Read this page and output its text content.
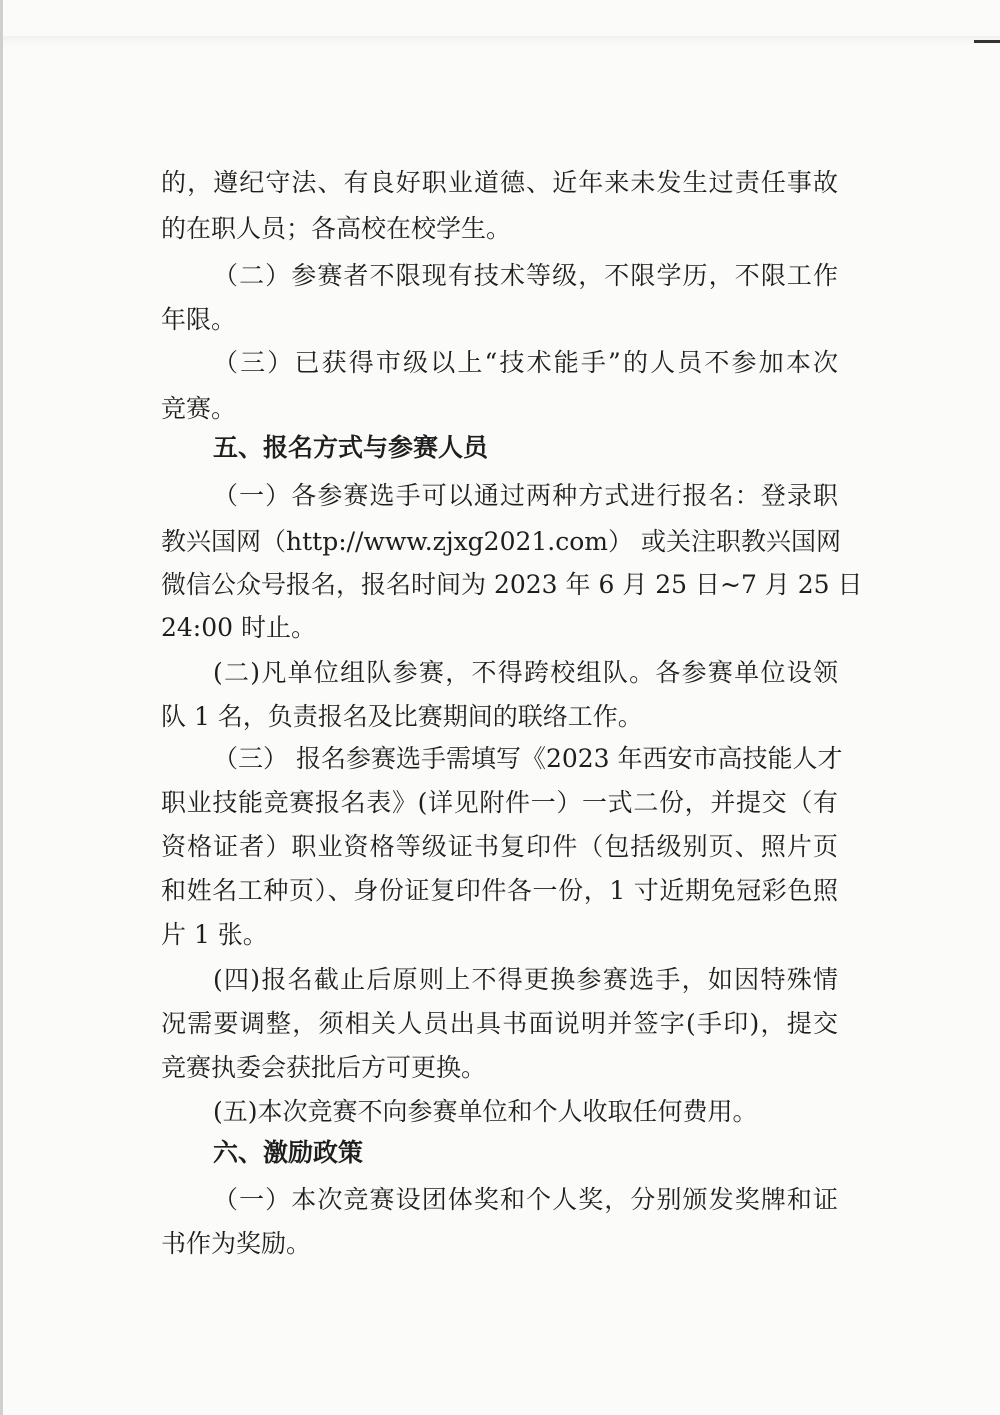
的，遵纪守法、有良好职业道德、近年来未发生过责任事故
的在职人员；各高校在校学生。
（二）参赛者不限现有技术等级，不限学历，不限工作
年限。
（三）已获得市级以上“技术能手”的人员不参加本次
竞赛。
五、报名方式与参赛人员
（一）各参赛选手可以通过两种方式进行报名：登录职
教兴国网（http://www.zjxg2021.com） 或关注职教兴国网
微信公众号报名，报名时间为 2023 年 6 月 25 日~7 月 25 日
24:00 时止。
(二)凡单位组队参赛，不得跨校组队。各参赛单位设领
队 1 名，负责报名及比赛期间的联络工作。
（三） 报名参赛选手需填写《2023 年西安市高技能人才
职业技能竞赛报名表》(详见附件一）一式二份，并提交（有
资格证者）职业资格等级证书复印件（包括级别页、照片页
和姓名工种页）、身份证复印件各一份，1 寸近期免冠彩色照
片 1 张。
(四)报名截止后原则上不得更换参赛选手，如因特殊情
况需要调整，须相关人员出具书面说明并签字(手印)，提交
竞赛执委会获批后方可更换。
(五)本次竞赛不向参赛单位和个人收取任何费用。
六、激励政策
（一）本次竞赛设团体奖和个人奖，分别颁发奖牌和证
书作为奖励。
